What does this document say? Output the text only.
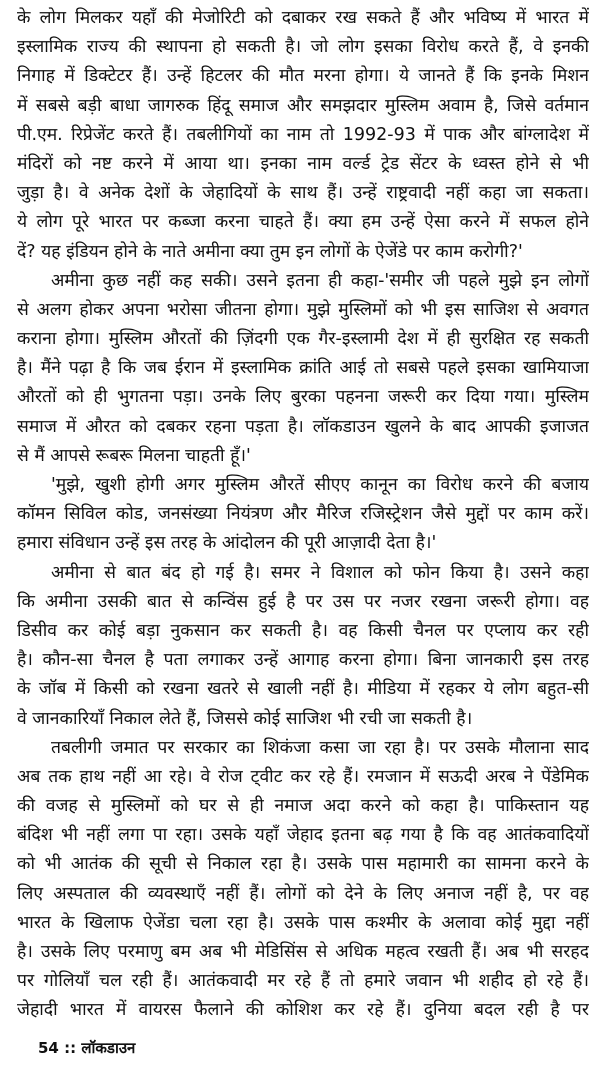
के लोग मिलकर यहाँ की मेजोरिटी को दबाकर रख सकते हैं और भविष्य में भारत में
इस्लामिक राज्य की स्थापना हो सकती है। जो लोग इसका विरोध करते हैं, वे इनकी
निगाह में डिक्टेटर हैं। उन्हें हिटलर की मौत मरना होगा। ये जानते हैं कि इनके मिशन
में सबसे बड़ी बाधा जागरुक हिंदू समाज और समझदार मुस्लिम अवाम है, जिसे वर्तमान
पी.एम. रिप्रेजेंट करते हैं। तबलीगियों का नाम तो 1992-93 में पाक और बांग्लादेश में
मंदिरों को नष्ट करने में आया था। इनका नाम वर्ल्ड ट्रेड सेंटर के ध्वस्त होने से भी
जुड़ा है। वे अनेक देशों के जेहादियों के साथ हैं। उन्हें राष्ट्रवादी नहीं कहा जा सकता।
ये लोग पूरे भारत पर कब्जा करना चाहते हैं। क्या हम उन्हें ऐसा करने में सफल होने
दें? यह इंडियन होने के नाते अमीना क्या तुम इन लोगों के ऐजेंडे पर काम करोगी?'
अमीना कुछ नहीं कह सकी। उसने इतना ही कहा-'समीर जी पहले मुझे इन लोगों
से अलग होकर अपना भरोसा जीतना होगा। मुझे मुस्लिमों को भी इस साजिश से अवगत
कराना होगा। मुस्लिम औरतों की ज़िंदगी एक गैर-इस्लामी देश में ही सुरक्षित रह सकती
है। मैंने पढ़ा है कि जब ईरान में इस्लामिक क्रांति आई तो सबसे पहले इसका खामियाजा
औरतों को ही भुगतना पड़ा। उनके लिए बुरका पहनना जरूरी कर दिया गया। मुस्लिम
समाज में औरत को दबकर रहना पड़ता है। लॉकडाउन खुलने के बाद आपकी इजाजत
से मैं आपसे रूबरू मिलना चाहती हूँ।'
'मुझे, खुशी होगी अगर मुस्लिम औरतें सीएए कानून का विरोध करने की बजाय
कॉमन सिविल कोड, जनसंख्या नियंत्रण और मैरिज रजिस्ट्रेशन जैसे मुद्दों पर काम करें।
हमारा संविधान उन्हें इस तरह के आंदोलन की पूरी आज़ादी देता है।'
अमीना से बात बंद हो गई है। समर ने विशाल को फोन किया है। उसने कहा
कि अमीना उसकी बात से कन्विंस हुई है पर उस पर नजर रखना जरूरी होगा। वह
डिसीव कर कोई बड़ा नुकसान कर सकती है। वह किसी चैनल पर एप्लाय कर रही
है। कौन-सा चैनल है पता लगाकर उन्हें आगाह करना होगा। बिना जानकारी इस तरह
के जॉब में किसी को रखना खतरे से खाली नहीं है। मीडिया में रहकर ये लोग बहुत-सी
वे जानकारियाँ निकाल लेते हैं, जिससे कोई साजिश भी रची जा सकती है।
तबलीगी जमात पर सरकार का शिकंजा कसा जा रहा है। पर उसके मौलाना साद
अब तक हाथ नहीं आ रहे। वे रोज ट्वीट कर रहे हैं। रमजान में सऊदी अरब ने पेंडेमिक
की वजह से मुस्लिमों को घर से ही नमाज अदा करने को कहा है। पाकिस्तान यह
बंदिश भी नहीं लगा पा रहा। उसके यहाँ जेहाद इतना बढ़ गया है कि वह आतंकवादियों
को भी आतंक की सूची से निकाल रहा है। उसके पास महामारी का सामना करने के
लिए अस्पताल की व्यवस्थाएँ नहीं हैं। लोगों को देने के लिए अनाज नहीं है, पर वह
भारत के खिलाफ ऐजेंडा चला रहा है। उसके पास कश्मीर के अलावा कोई मुद्दा नहीं
है। उसके लिए परमाणु बम अब भी मेडिसिंस से अधिक महत्व रखती हैं। अब भी सरहद
पर गोलियाँ चल रही हैं। आतंकवादी मर रहे हैं तो हमारे जवान भी शहीद हो रहे हैं।
जेहादी भारत में वायरस फैलाने की कोशिश कर रहे हैं। दुनिया बदल रही है पर
54 :: लॉकडाउन
